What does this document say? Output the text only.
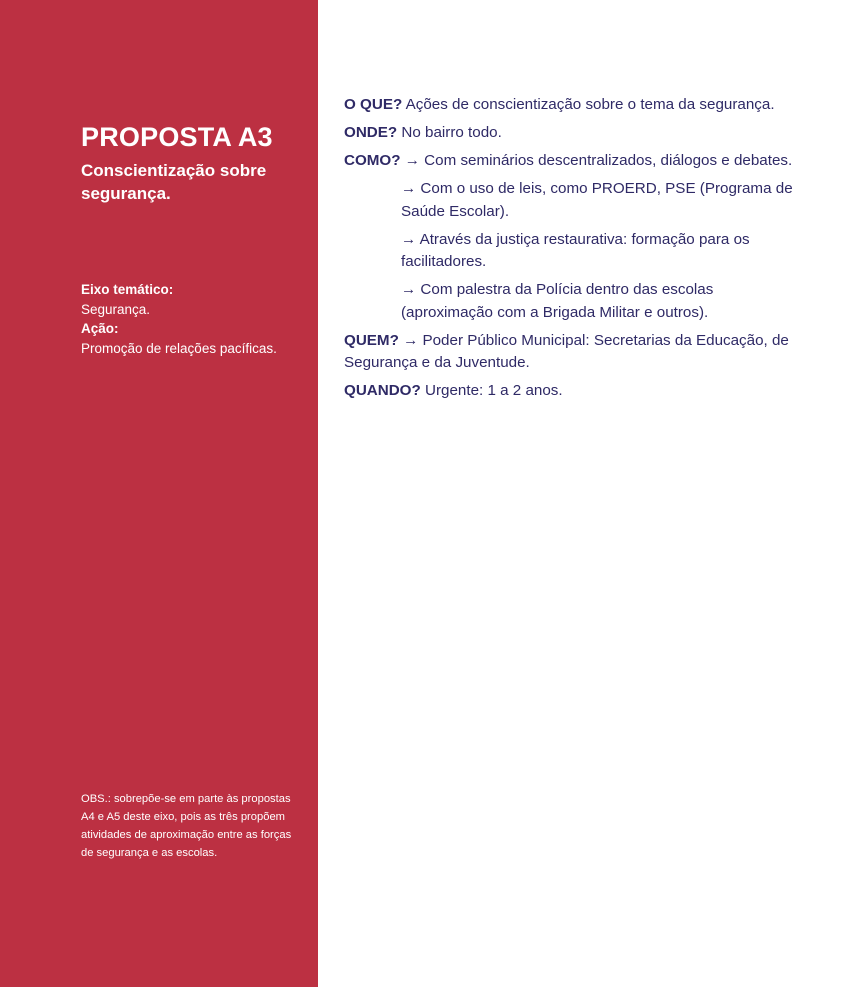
PROPOSTA A3
Conscientização sobre segurança.
Eixo temático:
Segurança.
Ação:
Promoção de relações pacíficas.
OBS.: sobrepõe-se em parte às propostas A4 e A5 deste eixo, pois as três propõem atividades de aproximação entre as forças de segurança e as escolas.

O QUE? Ações de conscientização sobre o tema da segurança.

ONDE? No bairro todo.

COMO? → Com seminários descentralizados, diálogos e debates.

→ Com o uso de leis, como PROERD, PSE (Programa de Saúde Escolar).

→ Através da justiça restaurativa: formação para os facilitadores.

→ Com palestra da Polícia dentro das escolas (aproximação com a Brigada Militar e outros).

QUEM? → Poder Público Municipal: Secretarias da Educação, de Segurança e da Juventude.

QUANDO? Urgente: 1 a 2 anos.
